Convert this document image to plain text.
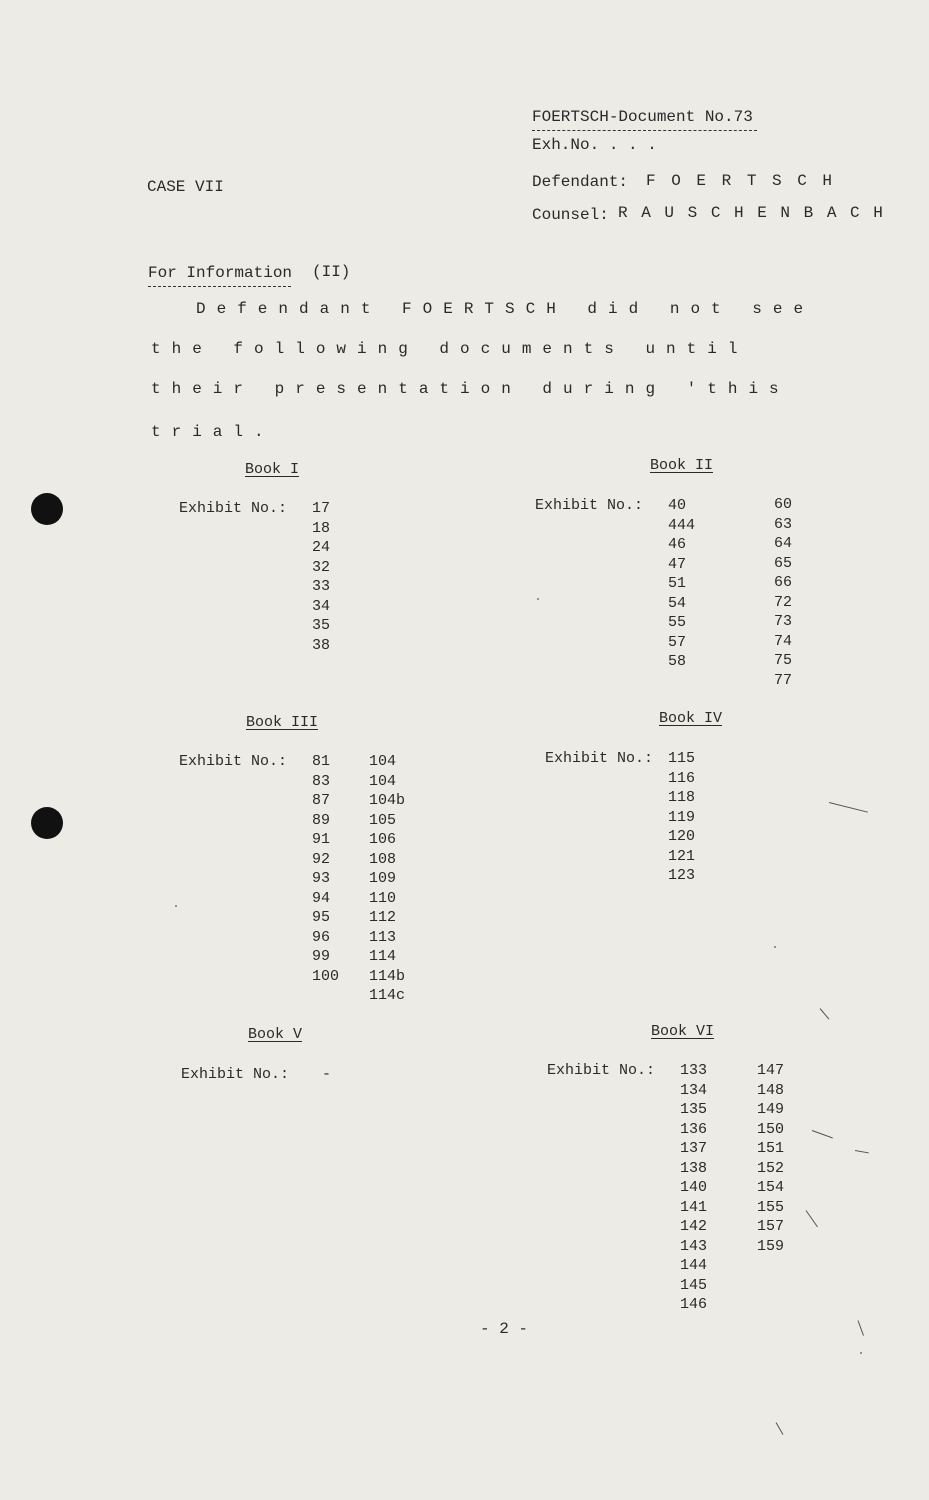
FOERTSCH-Document No.73
Exh.No. . . .
CASE VII	Defendant: F O E R T S C H
Counsel: R A U S C H E N B A C H
For Information (II)
Defendant FOERTSCH did not see
the following documents until
their presentation during 'this
trial.
Book I
Exhibit No.: 17
18
24
32
33
34
35
38
Book II
Exhibit No.: 40
444
46
47
51
54
55
57
58
60
63
64
65
66
72
73
74
75
77
Book III
Exhibit No.: 81
83
87
89
91
92
93
94
95
96
99
100
104
104
104b
105
106
108
109
110
112
113
114
114b
114c
Book IV
Exhibit No.: 115
116
118
119
120
121
123
Book V
Exhibit No.: -
Book VI
Exhibit No.: 133
134
135
136
137
138
140
141
142
143
144
145
146
147
148
149
150
151
152
154
155
157
159
- 2 -
